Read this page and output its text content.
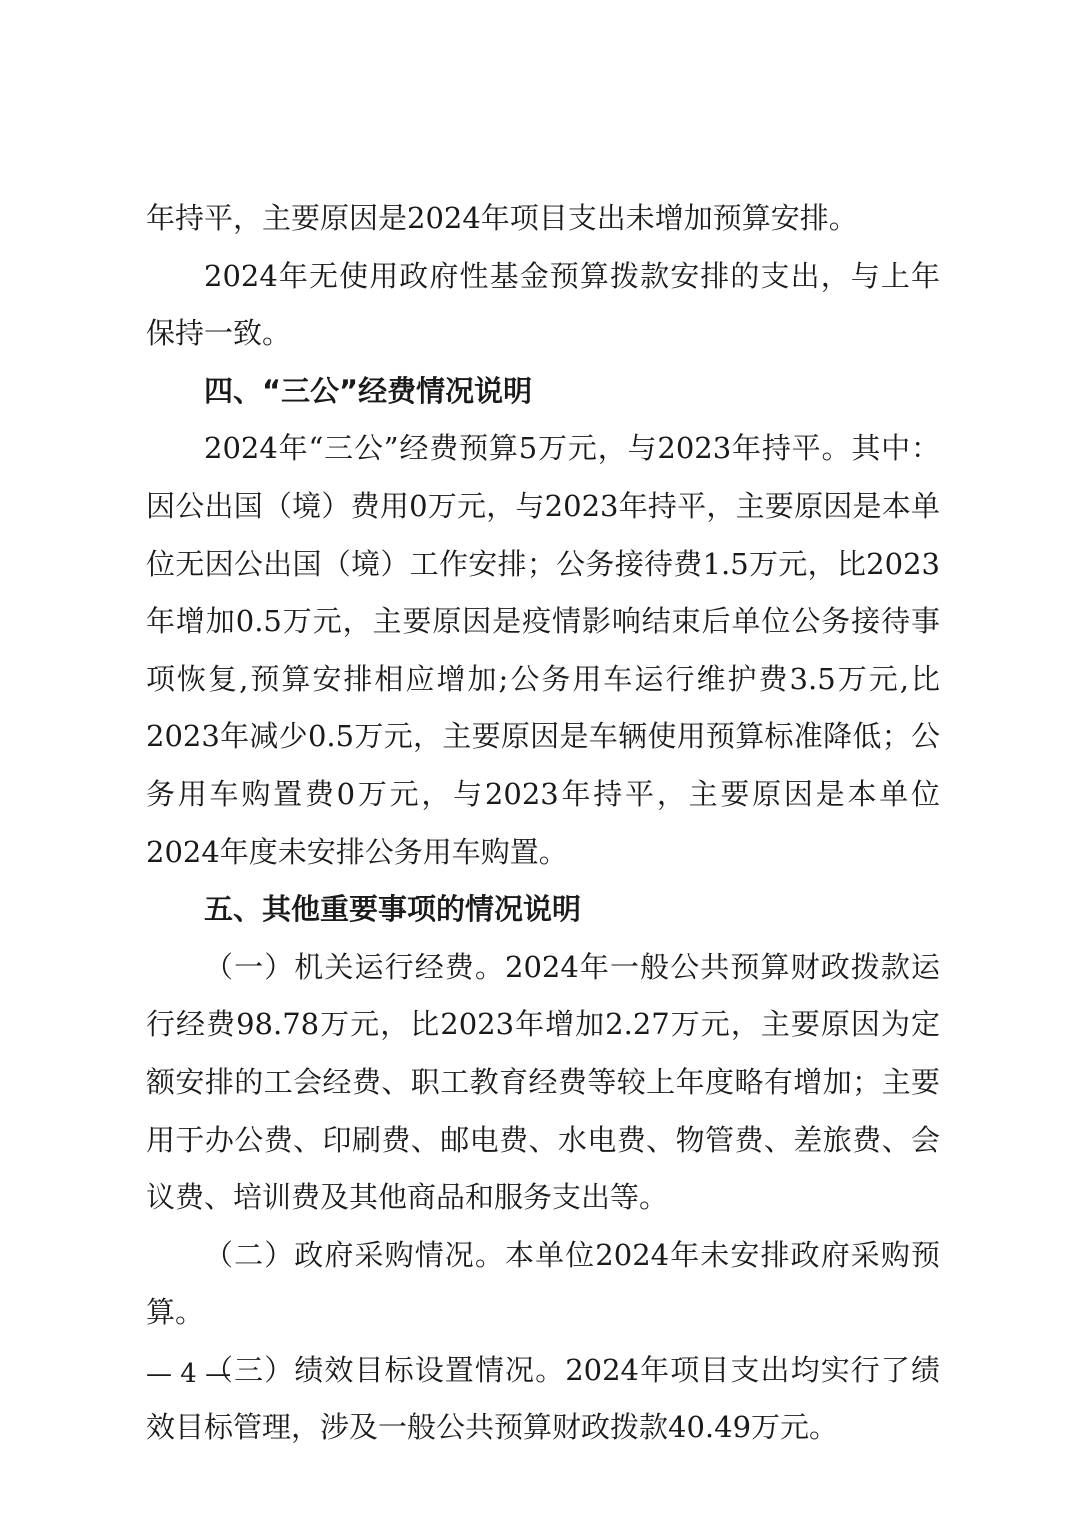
年持平，主要原因是2024年项目支出未增加预算安排。

2024年无使用政府性基金预算拨款安排的支出，与上年保持一致。

四、“三公”经费情况说明

2024年“三公”经费预算5万元，与2023年持平。其中：因公出国（境）费用0万元，与2023年持平，主要原因是本单位无因公出国（境）工作安排；公务接待费1.5万元，比2023年增加0.5万元，主要原因是疫情影响结束后单位公务接待事项恢复,预算安排相应增加;公务用车运行维护费3.5万元,比2023年减少0.5万元，主要原因是车辆使用预算标准降低；公务用车购置费0万元，与2023年持平，主要原因是本单位2024年度未安排公务用车购置。

五、其他重要事项的情况说明

（一）机关运行经费。2024年一般公共预算财政拨款运行经费98.78万元，比2023年增加2.27万元，主要原因为定额安排的工会经费、职工教育经费等较上年度略有增加；主要用于办公费、印刷费、邮电费、水电费、物管费、差旅费、会议费、培训费及其他商品和服务支出等。

（二）政府采购情况。本单位2024年未安排政府采购预算。

（三）绩效目标设置情况。2024年项目支出均实行了绩效目标管理，涉及一般公共预算财政拨款40.49万元。

— 4 —
